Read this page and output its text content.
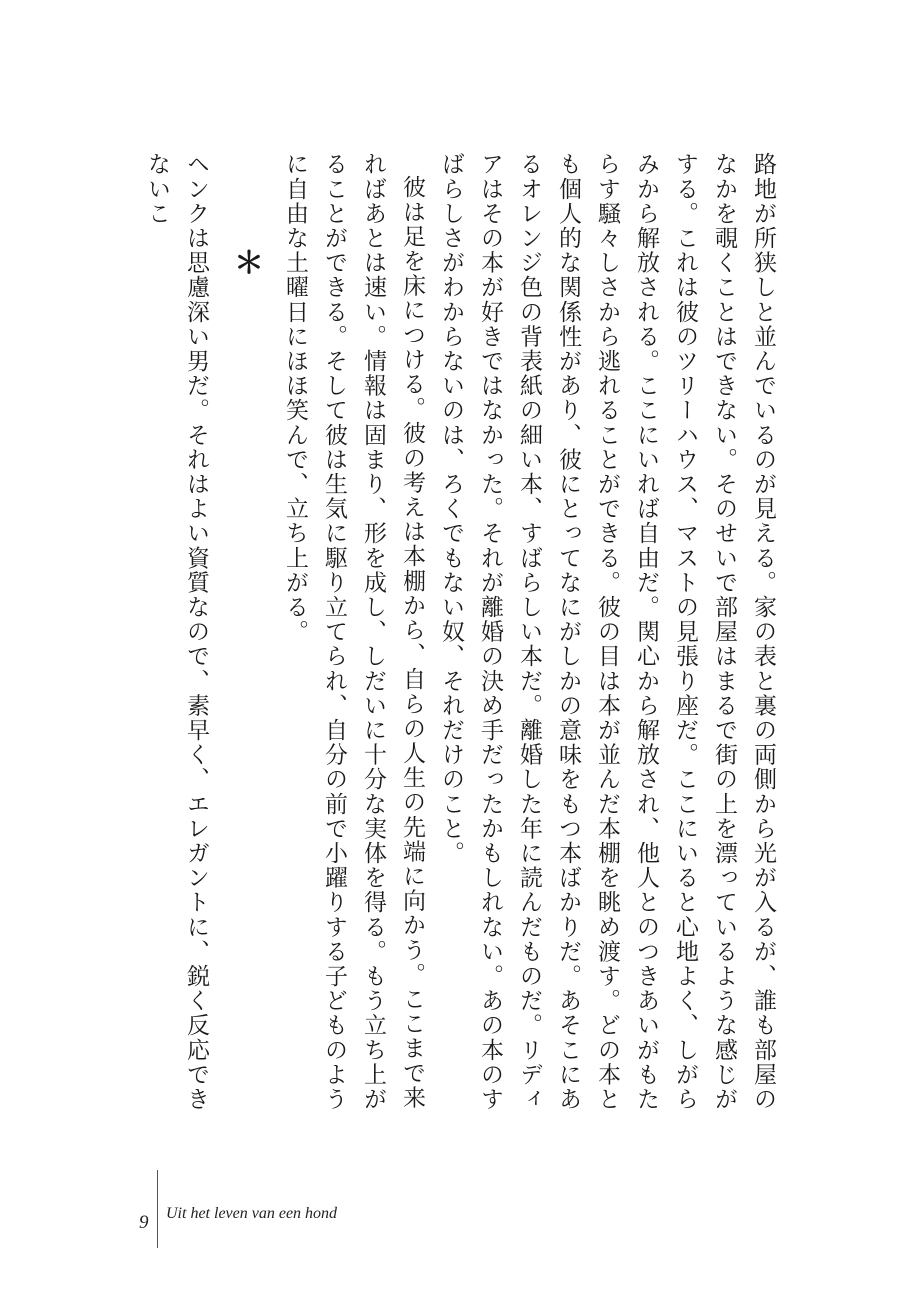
路地が所狭しと並んでいるのが見える。家の表と裏の両側から光が入るが、誰も部屋のなかを覗くことはできない。そのせいで部屋はまるで街の上を漂っているような感じがする。これは彼のツリーハウス、マストの見張り座だ。ここにいると心地よく、しがらみから解放される。ここにいれば自由だ。関心から解放され、他人とのつきあいがもたらす騒々しさから逃れることができる。彼の目は本が並んだ本棚を眺め渡す。どの本とも個人的な関係性があり、彼にとってなにがしかの意味をもつ本ばかりだ。あそこにあるオレンジ色の背表紙の細い本、すばらしい本だ。離婚した年に読んだものだ。リディアはその本が好きではなかった。それが離婚の決め手だったかもしれない。あの本のすばらしさがわからないのは、ろくでもない奴、それだけのこと。

彼は足を床につける。彼の考えは本棚から、自らの人生の先端に向かう。ここまで来ればあとは速い。情報は固まり、形を成し、しだいに十分な実体を得る。もう立ち上がることができる。そして彼は生気に駆り立てられ、自分の前で小躍りする子どものように自由な土曜日にほほ笑んで、立ち上がる。

＊

ヘンクは思慮深い男だ。それはよい資質なので、素早く、エレガントに、鋭く反応できないこ

9 Uit het leven van een hond
